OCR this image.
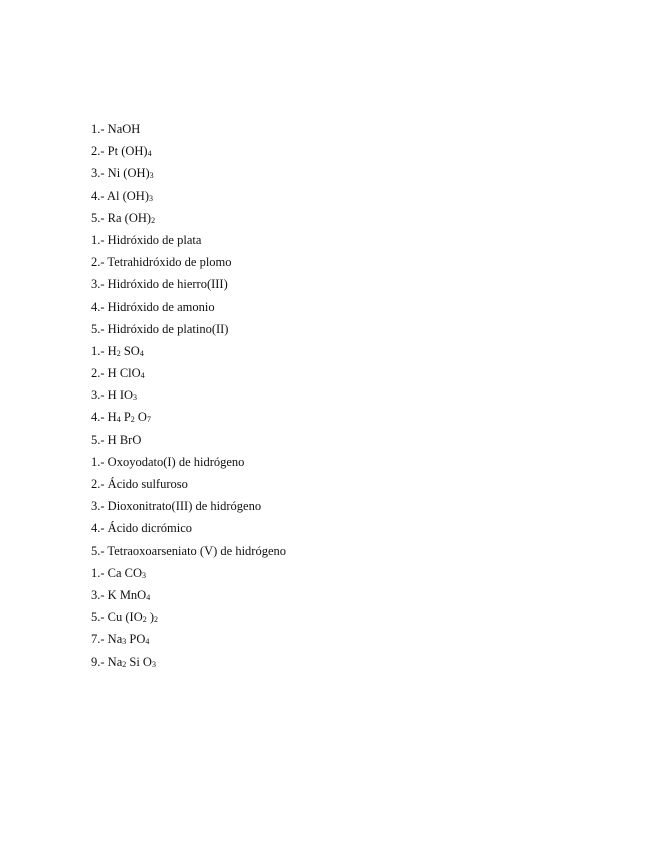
1.- NaOH
2.- Pt $(OH)_4$
3.- Ni $(OH)_3$
4.- Al $(OH)_3$
5.- Ra $(OH)_2$
1.- Hidróxido de plata
2.- Tetrahidróxido de plomo
3.- Hidróxido de hierro(III)
4.- Hidróxido de amonio
5.- Hidróxido de platino(II)
1.- $H_2$ $SO_4$
2.- H ClO$_4$
3.- H $IO_3$
4.- $H_4$ $P_2$ $O_7$
5.- H BrO
1.- Oxoyodato(I) de hidrógeno
2.- Ácido sulfuroso
3.- Dioxonitrato(III) de hidrógeno
4.- Ácido dicrómico
5.- Tetraoxoarseniato (V) de hidrógeno
1.- Ca $CO_3$
3.- K MnO$_4$
5.- Cu ($IO_2$ )$_2$
7.- $Na_3$ $PO_4$
9.- $Na_2$ Si $O_3$
